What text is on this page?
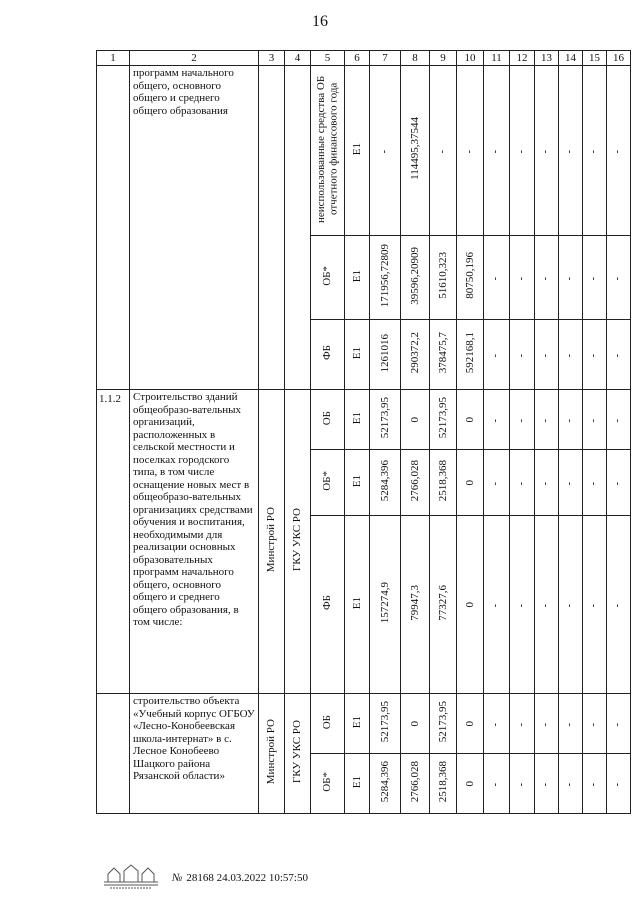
16
1	2	3	4	5	6	7	8	9	10	11	12	13	14	15	16
	программ начального общего, основного общего и среднего общего образования			неиспользованные средства ОБ отчетного финансового года	Е1	-	114495,37544	-	-	-	-	-	-	-	-
				ОБ*	Е1	171956,72809	39596,20909	51610,323	80750,196	-	-	-	-	-	-
				ФБ	Е1	1261016	290372,2	378475,7	592168,1	-	-	-	-	-	-
1.1.2	Строительство зданий общеобразо-вательных организаций, расположенных в сельской местности и поселках городского типа, в том числе оснащение новых мест в общеобразо-вательных организациях средствами обучения и воспитания, необходимыми для реализации основных образовательных программ начального общего, основного общего и среднего общего образования, в том числе:	Минстрой РО	ГКУ УКС РО	ОБ	Е1	52173,95	0	52173,95	0	-	-	-	-	-	-
				ОБ*	Е1	5284,396	2766,028	2518,368	0	-	-	-	-	-	-
				ФБ	Е1	157274,9	79947,3	77327,6	0	-	-	-	-	-	-
	строительство объекта «Учебный корпус ОГБОУ «Лесно-Конобеевская школа-интернат» в с. Лесное Конобеево Шацкого района Рязанской области»	Минстрой РО	ГКУ УКС РО	ОБ	Е1	52173,95	0	52173,95	0	-	-	-	-	-	-
				ОБ*	Е1	5284,396	2766,028	2518,368	0	-	-	-	-	-	-
№ 28168 24.03.2022 10:57:50
